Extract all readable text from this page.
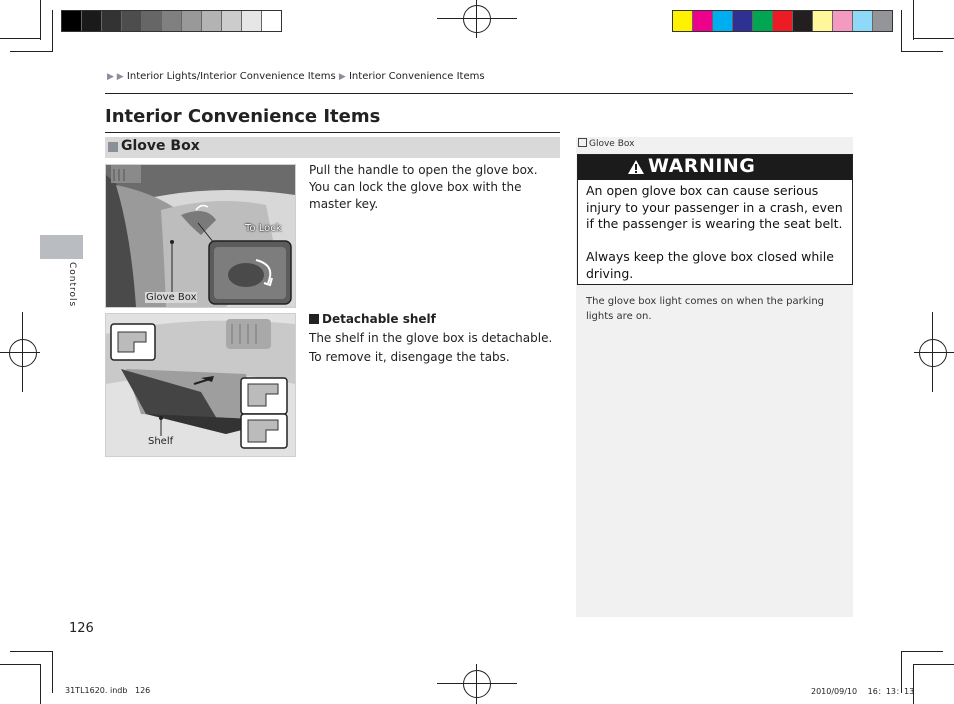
▶ ▶ Interior Lights/Interior Convenience Items ▶ Interior Convenience Items
Interior Convenience Items
Glove Box
Controls
To Lock
Glove Box
Pull the handle to open the glove box. You can lock the glove box with the master key.
Shelf
Detachable shelf
The shelf in the glove box is detachable.
To remove it, disengage the tabs.
Glove Box
WARNING
An open glove box can cause serious injury to your passenger in a crash, even if the passenger is wearing the seat belt.
Always keep the glove box closed while driving.
The glove box light comes on when the parking lights are on.
126
31TL1620. indb 126	2010/09/10　 16：13：13
